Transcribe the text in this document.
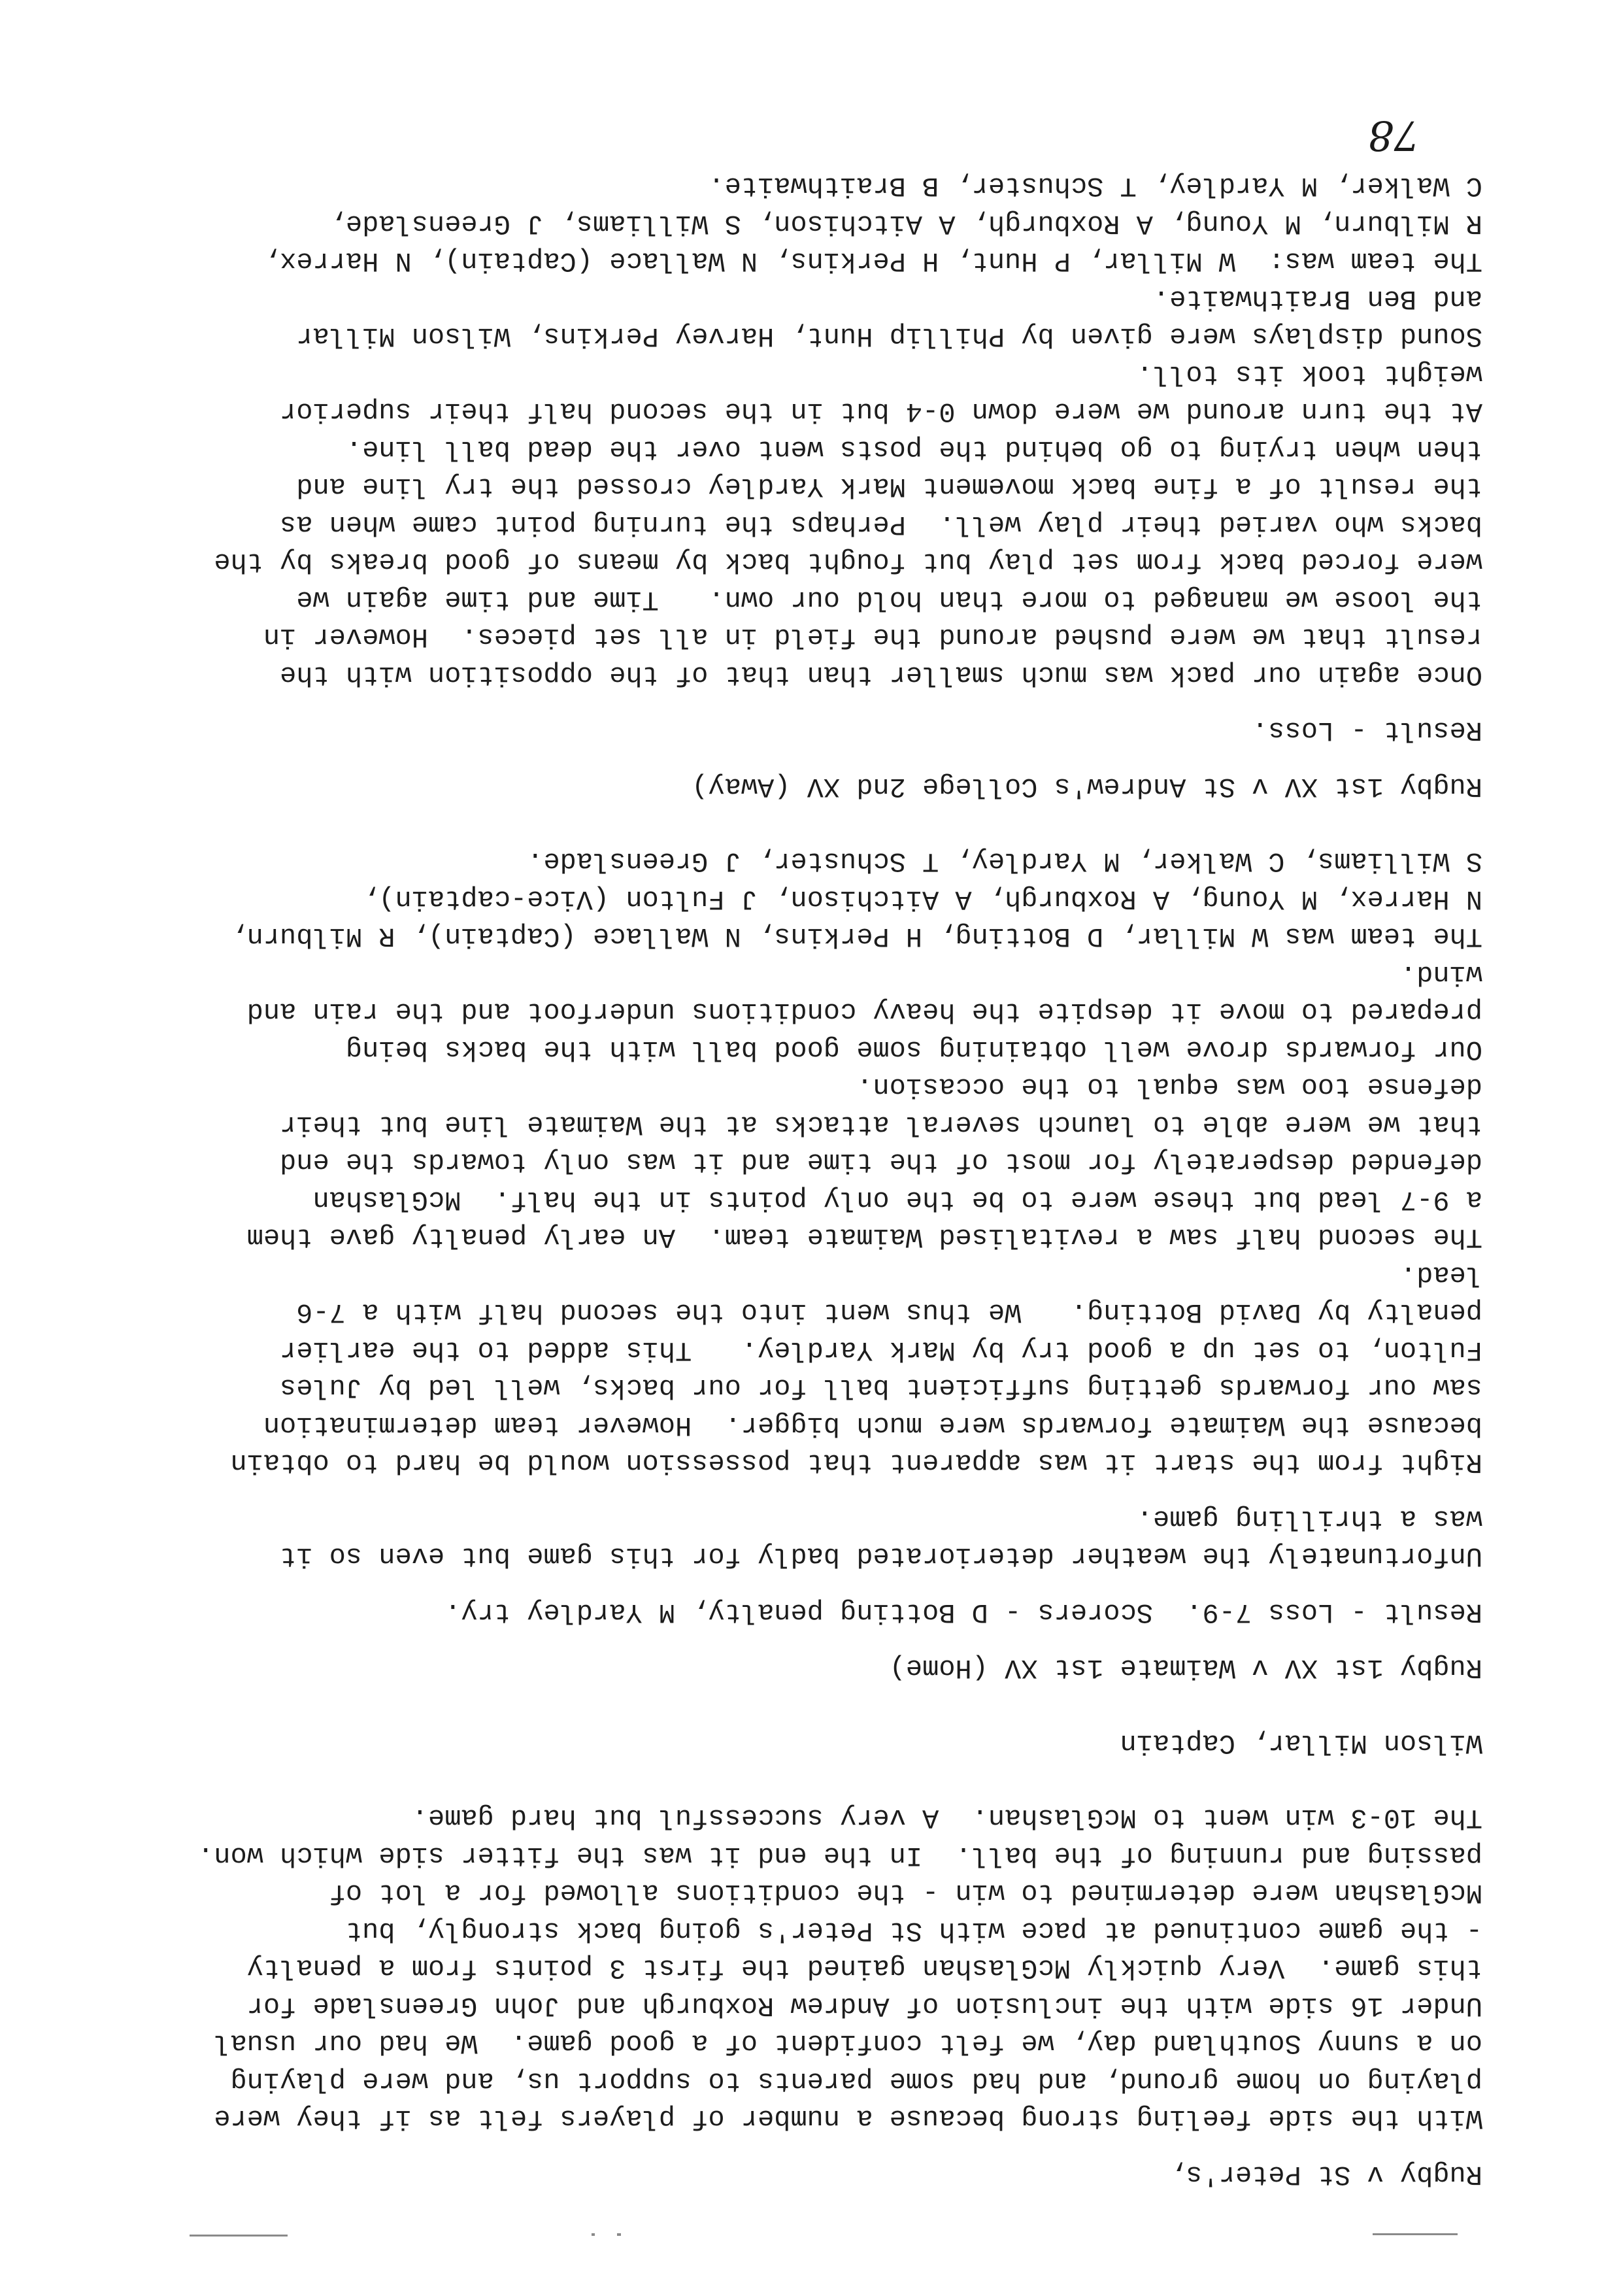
Rugby v St Peter's,
With the side feeling strong because a number of players felt as if they were
playing on home ground, and had some parents to support us, and were playing
on a sunny Southland day, we felt confident of a good game.  We had our usual
Under 16 side with the inclusion of Andrew Roxburgh and John Greenslade for
this game.  Very quickly McGlashan gained the first 3 points from a penalty
- the game continued at pace with St Peter's going back strongly, but
McGlashan were determined to win - the conditions allowed for a lot of
passing and running of the ball.  In the end it was the fitter side which won.
The 10-3 win went to McGlashan.  A very successful but hard game.
Wilson Millar, Captain
Rugby 1st XV v Waimate 1st XV (Home)
Result - Loss 7-9.  Scorers - D Botting penalty, M Yardley try.
Unfortunately the weather deteriorated badly for this game but even so it
was a thrilling game.
Right from the start it was apparent that possession would be hard to obtain
because the Waimate forwards were much bigger.  However team determination
saw our forwards getting sufficient ball for our backs, well led by Jules
Fulton, to set up a good try by Mark Yardley.   This added to the earlier
penalty by David Botting.   We thus went into the second half with a 7-6
lead.
The second half saw a revitalised Waimate team.  An early penalty gave them
a 9-7 lead but these were to be the only points in the half.  McGlashan
defended desperately for most of the time and it was only towards the end
that we were able to launch several attacks at the Waimate line but their
defense too was equal to the occasion.
Our forwards drove well obtaining some good ball with the backs being
prepared to move it despite the heavy conditions underfoot and the rain and
wind.
The team was W Millar, D Botting, H Perkins, N Wallace (Captain), R Milburn,
N Harrex, M Young, A Roxburgh, A Aitchison, J Fulton (Vice-captain),
S Williams, C Walker, M Yardley, T Schuster, J Greenslade.
Rugby 1st XV v St Andrew's College 2nd XV (Away)
Result - Loss.
Once again our pack was much smaller than that of the opposition with the
result that we were pushed around the field in all set pieces.  However in
the loose we managed to more than hold our own.   Time and time again we
were forced back from set play but fought back by means of good breaks by the
backs who varied their play well.  Perhaps the turning point came when as
the result of a fine back movement Mark Yardley crossed the try line and
then when trying to go behind the posts went over the dead ball line.
At the turn around we were down 0-4 but in the second half their superior
weight took its toll.
Sound displays were given by Phillip Hunt, Harvey Perkins, Wilson Millar
and Ben Braithwaite.
The team was:  W Millar, P Hunt, H Perkins, N Wallace (Captain), N Harrex,
R Milburn, M Young, A Roxburgh, A Aitchison, S Williams, J Greenslade,
C Walker, M Yardley, T Schuster, B Braithwaite.
78
